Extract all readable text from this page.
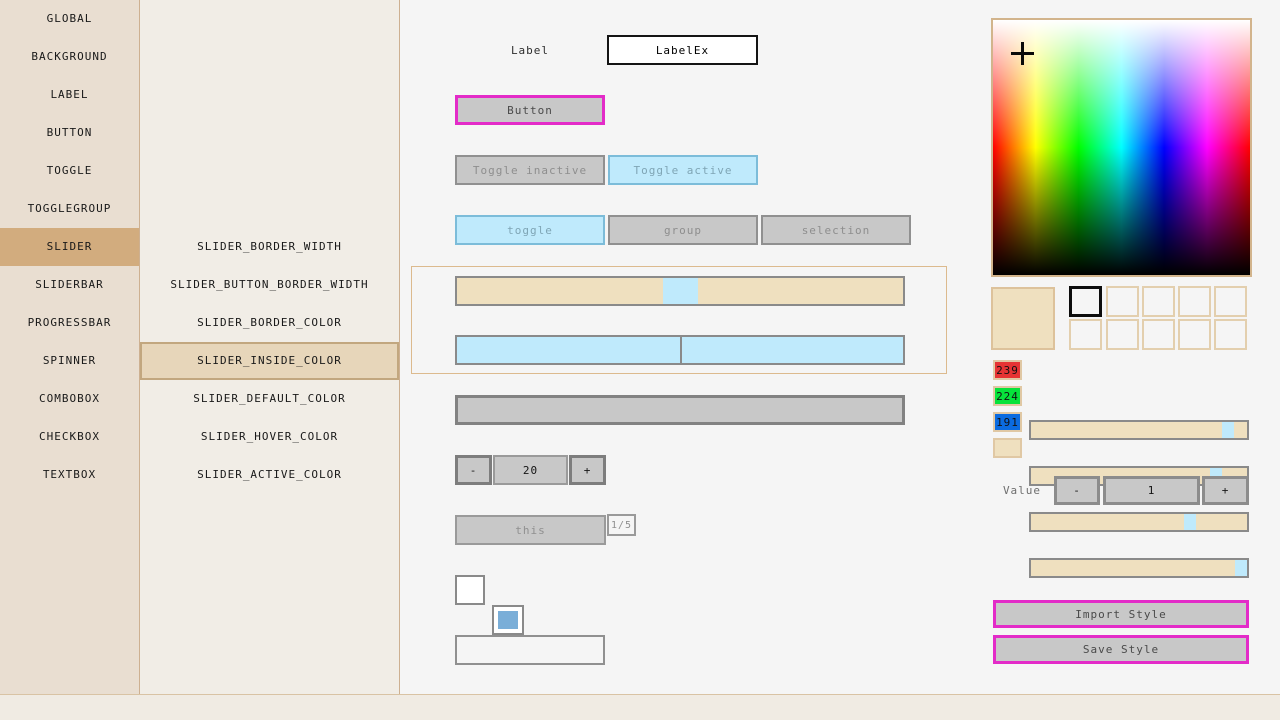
GLOBAL
BACKGROUND
LABEL
BUTTON
TOGGLE
TOGGLEGROUP
SLIDER
SLIDERBAR
PROGRESSBAR
SPINNER
COMBOBOX
CHECKBOX
TEXTBOX
SLIDER_BORDER_WIDTH
SLIDER_BUTTON_BORDER_WIDTH
SLIDER_BORDER_COLOR
SLIDER_INSIDE_COLOR
SLIDER_DEFAULT_COLOR
SLIDER_HOVER_COLOR
SLIDER_ACTIVE_COLOR
Label	LabelEx
Button
Toggle inactive	Toggle active
toggle	group	selection
-	20	+
this	1/5
239
224
191
Value	-	1	+
Import Style
Save Style
